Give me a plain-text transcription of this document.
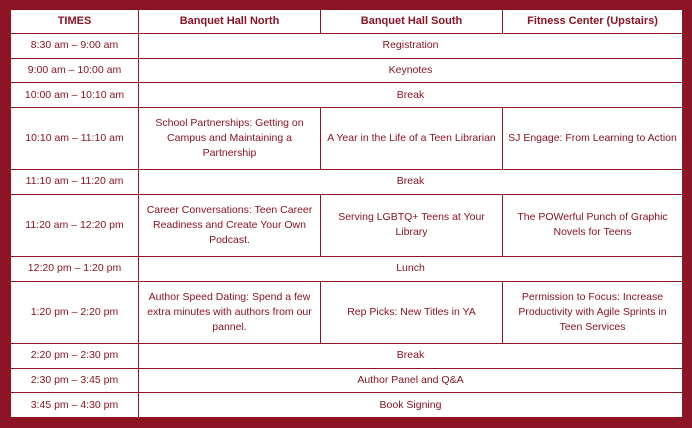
TIMES	Banquet Hall North	Banquet Hall South	Fitness Center (Upstairs)
8:30 am – 9:00 am	Registration		
9:00 am – 10:00 am	Keynotes		
10:00 am – 10:10 am	Break		
10:10 am – 11:10 am	School Partnerships: Getting on Campus and Maintaining a Partnership	A Year in the Life of a Teen Librarian	SJ Engage: From Learning to Action
11:10 am – 11:20 am	Break		
11:20 am – 12:20 pm	Career Conversations: Teen Career Readiness and Create Your Own Podcast.	Serving LGBTQ+ Teens at Your Library	The POWerful Punch of Graphic Novels for Teens
12:20 pm – 1:20 pm	Lunch		
1:20 pm – 2:20 pm	Author Speed Dating: Spend a few extra minutes with authors from our pannel.	Rep Picks: New Titles in YA	Permission to Focus: Increase Productivity with Agile Sprints in Teen Services
2:20 pm – 2:30 pm	Break		
2:30 pm – 3:45 pm	Author Panel and Q&A		
3:45 pm – 4:30 pm	Book Signing		
